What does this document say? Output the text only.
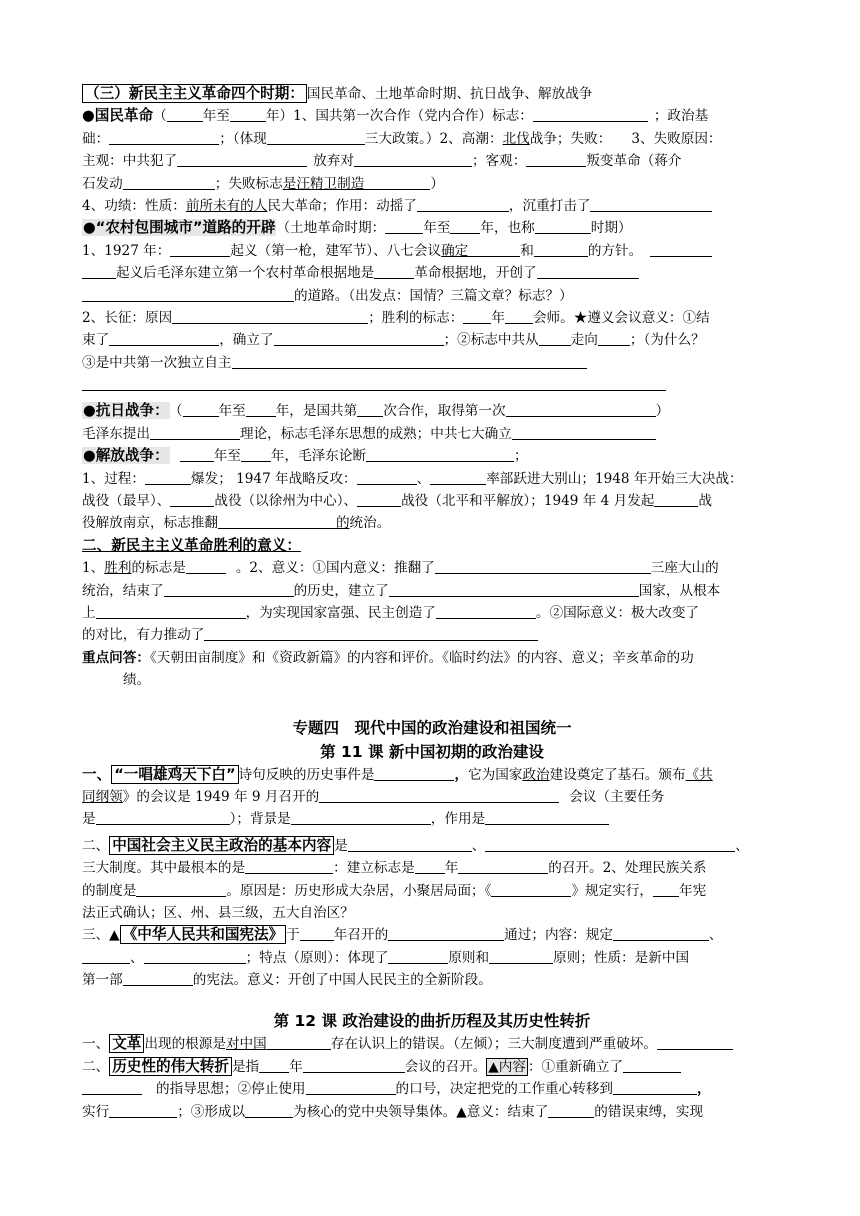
（三）新民主主义革命四个时期： 国民革命、土地革命时期、抗日战争、解放战争
●国民革命（	年至	年）1、国共第一次合作（党内合作）标志：	；政治基
础：	；（体现	三大政策。）2、高潮：北伐战争；失败： 3、失败原因：
主观：中共犯了	放弃对	；客观：	叛变革命（蒋介
石发动	；失败标志是汪精卫制造	）
4、功绩：性质：前所未有的人民大革命；作用：动摇了	，沉重打击了
●“农村包围城市”道路的开辟（土地革命时期：	年至 年，也称	时期）
1、1927 年：	起义（第一枪，建军节）、八七会议确定	和	的方针。
起义后毛泽东建立第一个农村革命根据地是	革命根据地，开创了
的道路。（出发点：国情？三篇文章？标志？）
2、长征：原因	；胜利的标志： 年 会师。★遵义会议意义：①结
束了	，确立了	；②标志中共从 走向 ；（为什么？
③是中共第一次独立自主
●抗日战争： （	年至 年，是国共第 次合作，取得第一次	）
毛泽东提出	理论，标志毛泽东思想的成熟；中共七大确立
●解放战争：	年至 年，毛泽东论断	；
1、过程：	爆发； 1947 年战略反攻：	、	率部跃进大别山；1948 年开始三大决战：
战役（最早）、	战役（以徐州为中心）、	战役（北平和平解放）；1949 年 4 月发起	战
役解放南京，标志推翻	的统治。
二、新民主主义革命胜利的意义：
1、胜利的标志是	。2、意义：①国内意义：推翻了	三座大山的
统治，结束了	的历史，建立了	国家，从根本
上	，为实现国家富强、民主创造了	。②国际意义：极大改变了
的对比，有力推动了
重点问答：《天朝田亩制度》和《资政新篇》的内容和评价。《临时约法》的内容、意义；辛亥革命的功
绩。
专题四　现代中国的政治建设和祖国统一
第 11 课 新中国初期的政治建设
一、 “一唱雄鸡天下白” 诗句反映的历史事件是	，它为国家政治建设奠定了基石。颁布《共
同纲领》的会议是 1949 年 9 月召开的	会议（主要任务
是	）；背景是	，作用是
二、 中国社会主义民主政治的基本内容 是	、	、
三大制度。其中最根本的是	：建立标志是 年	的召开。2、处理民族关系
的制度是	。原因是：历史形成大杂居，小聚居局面；《	》规定实行， 年宪
法正式确认；区、州、县三级，五大自治区？
三、▲ 《中华人民共和国宪法》 于	年召开的	通过；内容：规定	、
、	；特点（原则）：体现了	原则和	原则；性质：是新中国
第一部	的宪法。意义：开创了中国人民民主的全新阶段。
第 12 课 政治建设的曲折历程及其历史性转折
一、 文革 出现的根源是对中国	存在认识上的错误。（左倾）；三大制度遭到严重破坏。
二、 历史性的伟大转折 是指 年	会议的召开。 ▲内容 ：①重新确立了
的指导思想；②停止使用	的口号，决定把党的工作重心转移到	，
实行	；③形成以	为核心的党中央领导集体。▲意义：结束了	的错误束缚，实现
